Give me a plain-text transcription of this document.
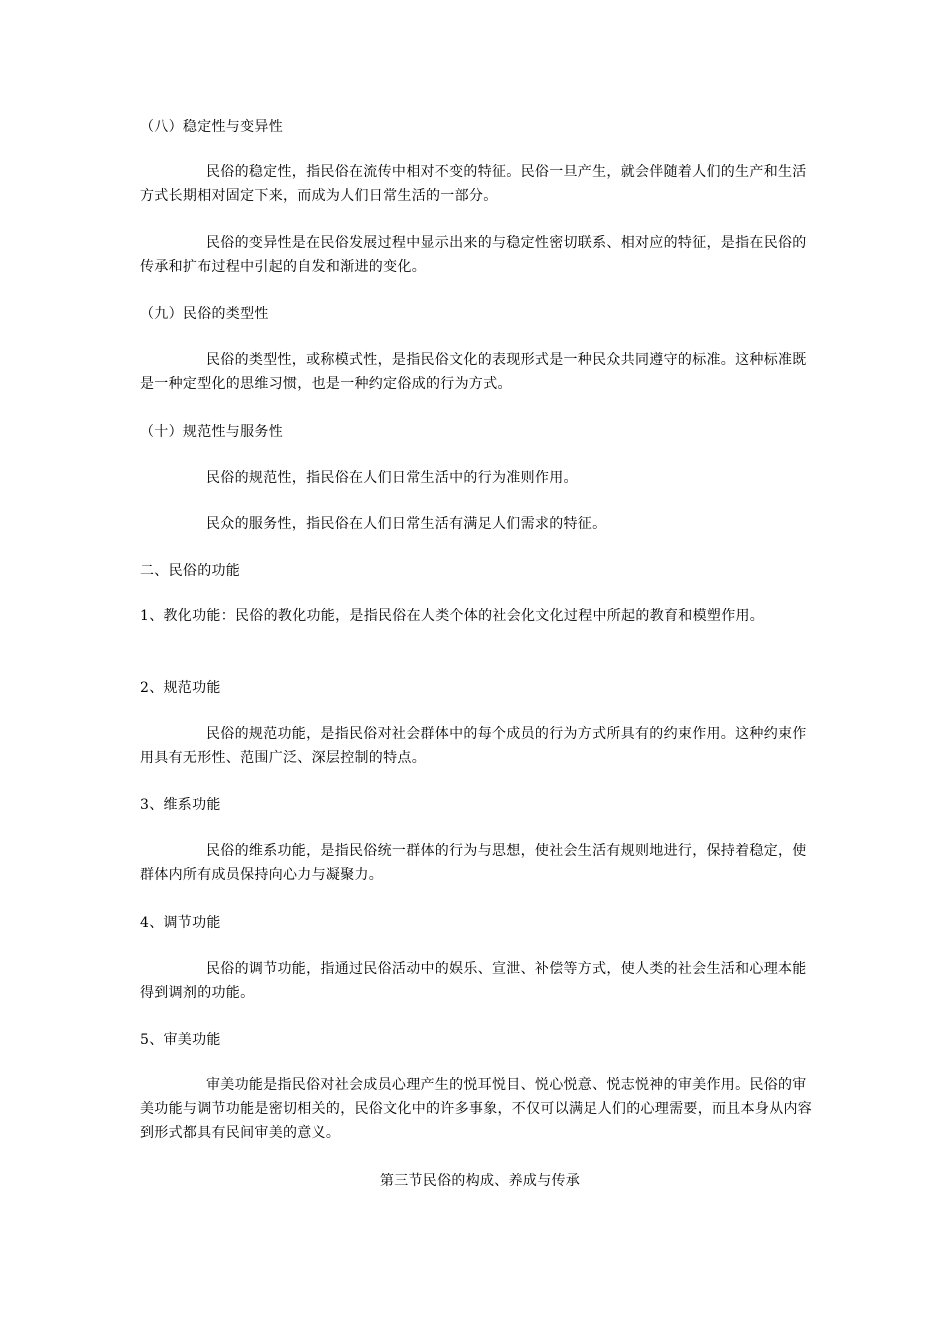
（八）稳定性与变异性

民俗的稳定性，指民俗在流传中相对不变的特征。民俗一旦产生，就会伴随着人们的生产和生活方式长期相对固定下来，而成为人们日常生活的一部分。

民俗的变异性是在民俗发展过程中显示出来的与稳定性密切联系、相对应的特征，是指在民俗的传承和扩布过程中引起的自发和渐进的变化。

（九）民俗的类型性

民俗的类型性，或称模式性，是指民俗文化的表现形式是一种民众共同遵守的标准。这种标准既是一种定型化的思维习惯，也是一种约定俗成的行为方式。

（十）规范性与服务性

民俗的规范性，指民俗在人们日常生活中的行为准则作用。

民众的服务性，指民俗在人们日常生活有满足人们需求的特征。

二、民俗的功能

1、教化功能：民俗的教化功能，是指民俗在人类个体的社会化文化过程中所起的教育和模塑作用。

2、规范功能

民俗的规范功能，是指民俗对社会群体中的每个成员的行为方式所具有的约束作用。这种约束作用具有无形性、范围广泛、深层控制的特点。

3、维系功能

民俗的维系功能，是指民俗统一群体的行为与思想，使社会生活有规则地进行，保持着稳定，使群体内所有成员保持向心力与凝聚力。

4、调节功能

民俗的调节功能，指通过民俗活动中的娱乐、宣泄、补偿等方式，使人类的社会生活和心理本能得到调剂的功能。

5、审美功能

审美功能是指民俗对社会成员心理产生的悦耳悦目、悦心悦意、悦志悦神的审美作用。民俗的审美功能与调节功能是密切相关的，民俗文化中的许多事象，不仅可以满足人们的心理需要，而且本身从内容到形式都具有民间审美的意义。

第三节民俗的构成、养成与传承
